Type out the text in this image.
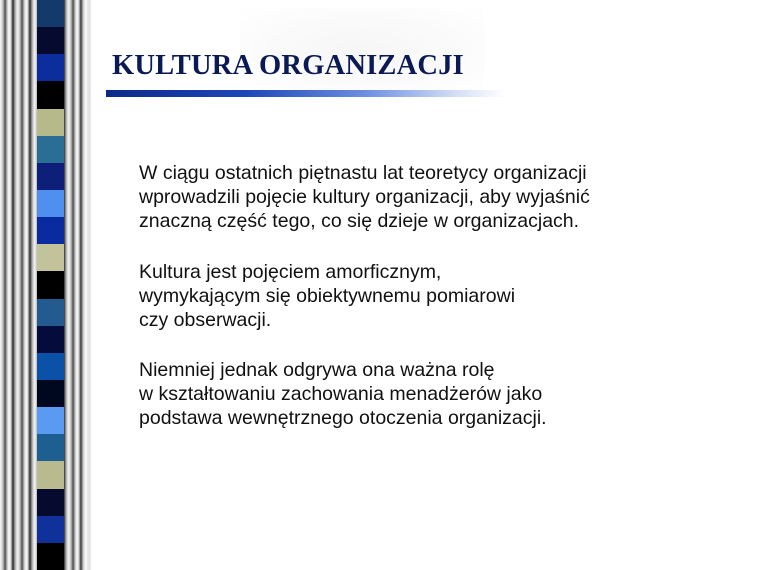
KULTURA ORGANIZACJI

W ciągu ostatnich piętnastu lat teoretycy organizacji
wprowadzili pojęcie kultury organizacji, aby wyjaśnić
znaczną część tego, co się dzieje w organizacjach.

Kultura jest pojęciem amorficznym,
wymykającym się obiektywnemu pomiarowi
czy obserwacji.

Niemniej jednak odgrywa ona ważna rolę
w kształtowaniu zachowania menadżerów jako
podstawa wewnętrznego otoczenia organizacji.
